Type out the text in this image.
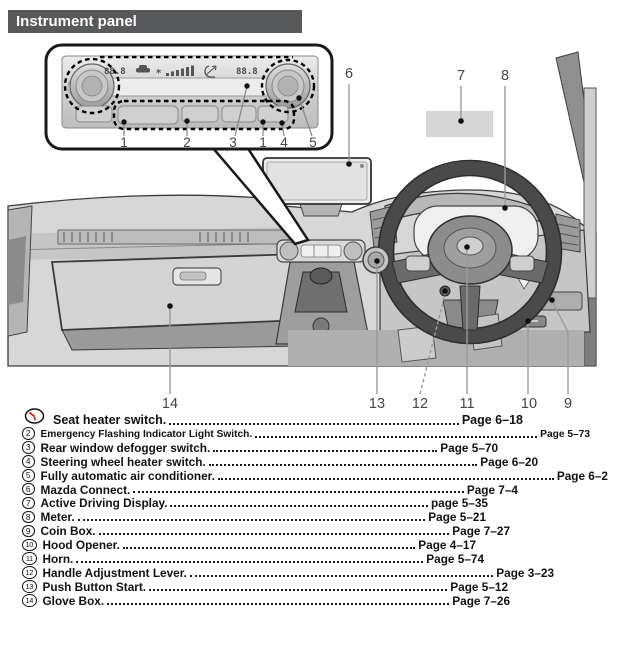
Instrument panel
88.8	88.8
*
1	2	3 1 4 5
6	7 8
14	13 12 11	10 9
Seat heater switch.	Page 6–18
2 Emergency Flashing Indicator Light Switch.	Page 5–73
3 Rear window defogger switch.	Page 5–70
4 Steering wheel heater switch.	Page 6–20
5 Fully automatic air conditioner.	Page 6–2
6 Mazda Connect.	Page 7–4
7 Active Driving Display.	page 5–35
8 Meter.	Page 5–21
9 Coin Box.	Page 7–27
10 Hood Opener.	Page 4–17
11 Horn.	Page 5–74
12 Handle Adjustment Lever.	Page 3–23
13 Push Button Start.	Page 5–12
14 Glove Box.	Page 7–26
